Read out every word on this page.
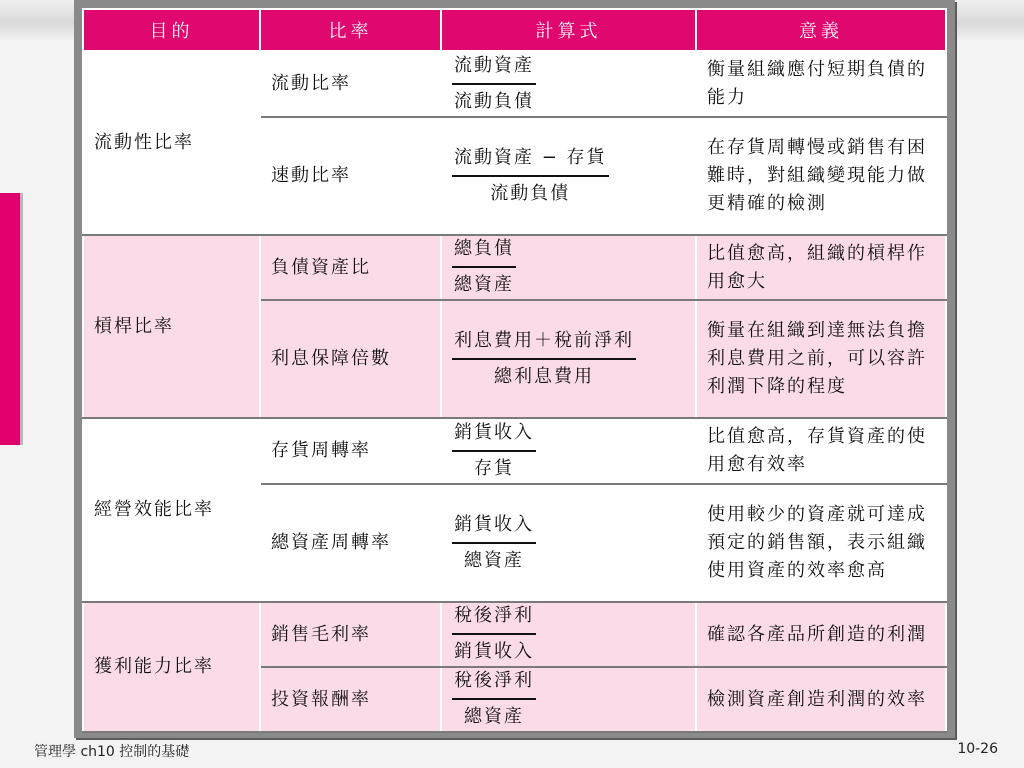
目的	比率	計算式	意義
流動性比率	流動比率	$\frac{\text{流動資產}}{\text{流動負債}}$	衡量組織應付短期負債的能力
	速動比率	$\frac{\text{流動資產 − 存貨}}{\text{流動負債}}$	在存貨周轉慢或銷售有困難時，對組織變現能力做更精確的檢測
槓桿比率	負債資產比	$\frac{\text{總負債}}{\text{總資產}}$	比值愈高，組織的槓桿作用愈大
	利息保障倍數	$\frac{\text{利息費用＋稅前淨利}}{\text{總利息費用}}$	衡量在組織到達無法負擔利息費用之前，可以容許利潤下降的程度
經營效能比率	存貨周轉率	$\frac{\text{銷貨收入}}{\text{存貨}}$	比值愈高，存貨資產的使用愈有效率
	總資產周轉率	$\frac{\text{銷貨收入}}{\text{總資產}}$	使用較少的資產就可達成預定的銷售額，表示組織使用資產的效率愈高
獲利能力比率	銷售毛利率	$\frac{\text{稅後淨利}}{\text{銷貨收入}}$	確認各產品所創造的利潤
	投資報酬率	$\frac{\text{稅後淨利}}{\text{總資產}}$	檢測資產創造利潤的效率
管理學 ch10 控制的基礎	10-26
